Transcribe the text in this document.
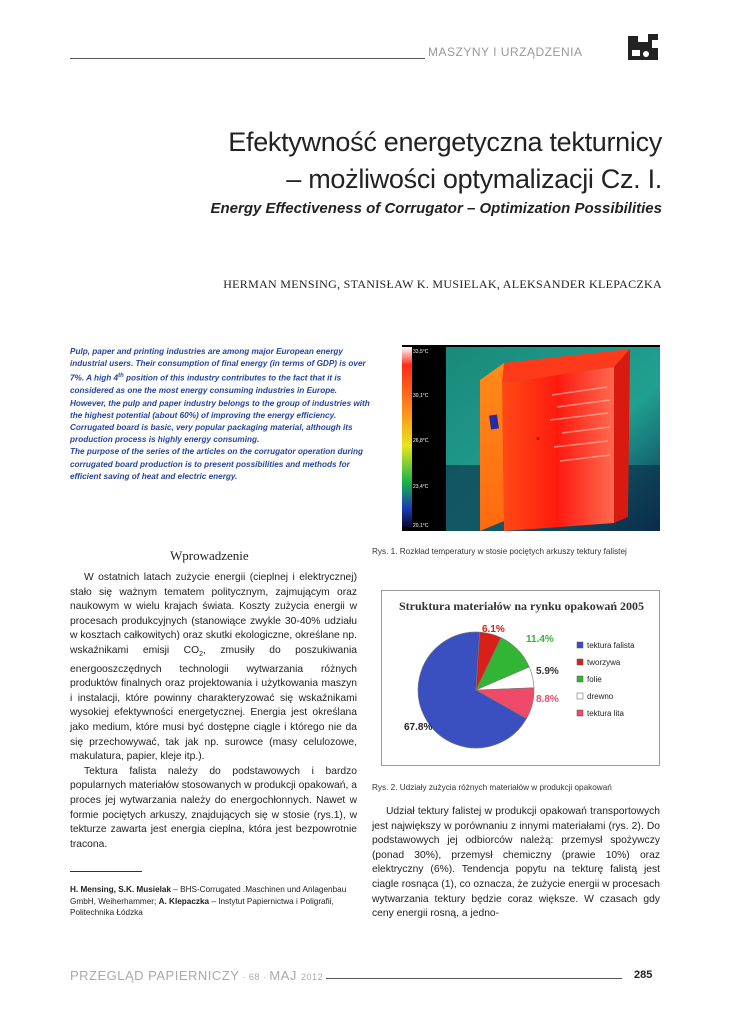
MASZYNY I URZĄDZENIA
Efektywność energetyczna tekturnicy
– możliwości optymalizacji Cz. I.
Energy Effectiveness of Corrugator – Optimization Possibilities
HERMAN MENSING, STANISŁAW K. MUSIELAK, ALEKSANDER KLEPACZKA

Pulp, paper and printing industries are among major European energy industrial users. Their consumption of final energy (in terms of GDP) is over 7%. A high 4th position of this industry contributes to the fact that it is considered as one the most energy consuming industries in Europe. However, the pulp and paper industry belongs to the group of industries with the highest potential (about 60%) of improving the energy efficiency.

Corrugated board is basic, very popular packaging material, although its production process is highly energy consuming.

The purpose of the series of the articles on the corrugator operation during corrugated board production is to present possibilities and methods for efficient saving of heat and electric energy.

×
33,5°C
30,1°C
26,8°C
23,4°C
20,1°C
Rys. 1. Rozkład temperatury w stosie pociętych arkuszy tektury falistej
Struktura materiałów na rynku opakowań 2005
67.8%
6.1%
11.4%
5.9%
8.8%
tektura falista
tworzywa
folie
drewno
tektura lita
Rys. 2. Udziały zużycia różnych materiałów w produkcji opakowań
Wprowadzenie

W ostatnich latach zużycie energii (cieplnej i elektrycznej) stało się ważnym tematem politycznym, zajmującym oraz naukowym w wielu krajach świata. Koszty zużycia energii w procesach produkcyjnych (stanowiące zwykle 30-40% udziału w kosztach całkowitych) oraz skutki ekologiczne, określane np. wskaźnikami emisji $CO_2$, zmusiły do poszukiwania energooszczędnych technologii wytwarzania różnych produktów finalnych oraz projektowania i użytkowania maszyn i instalacji, które powinny charakteryzować się wskaźnikami wysokiej efektywności energetycznej. Energia jest określana jako medium, które musi być dostępne ciągle i którego nie da się przechowywać, tak jak np. surowce (masy celulozowe, makulatura, papier, kleje itp.).

Tektura falista należy do podstawowych i bardzo popularnych materiałów stosowanych w produkcji opakowań, a proces jej wytwarzania należy do energochłonnych. Nawet w formie pociętych arkuszy, znajdujących się w stosie (rys.1), w tekturze zawarta jest energia cieplna, która jest bezpowrotnie tracona.

H. Mensing, S.K. Musielak – BHS-Corrugated .Maschinen und Anlagenbau GmbH, Weiherhammer; A. Klepaczka – Instytut Papiernictwa i Poligrafii, Politechnika Łódzka

Udział tektury falistej w produkcji opakowań transportowych jest największy w porównaniu z innymi materiałami (rys. 2). Do podstawowych jej odbiorców należą: przemysł spożywczy (ponad 30%), przemysł chemiczny (prawie 10%) oraz elektryczny (6%). Tendencja popytu na tekturę falistą jest ciagle rosnąca (1), co oznacza, że zużycie energii w procesach wytwarzania tektury będzie coraz większe. W czasach gdy ceny energii rosną, a jedno-

PRZEGLĄD PAPIERNICZY · 68 · MAJ 2012	285
